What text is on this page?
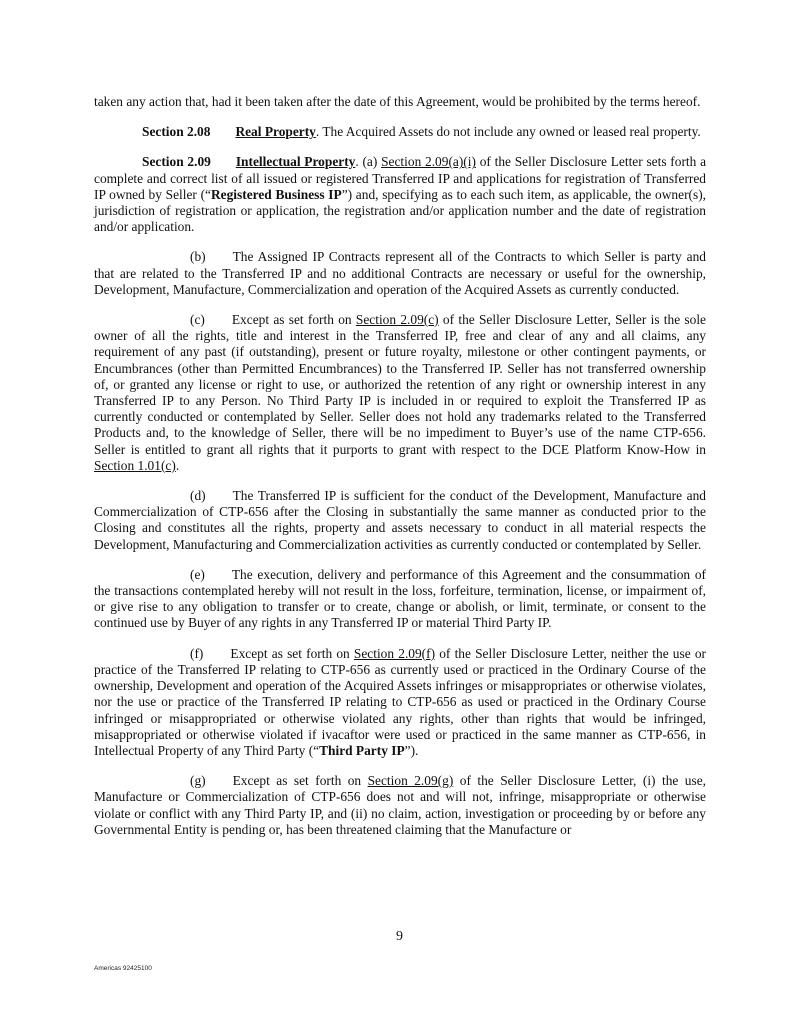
taken any action that, had it been taken after the date of this Agreement, would be prohibited by the terms hereof.

Section 2.08 Real Property. The Acquired Assets do not include any owned or leased real property.

Section 2.09 Intellectual Property. (a) Section 2.09(a)(i) of the Seller Disclosure Letter sets forth a complete and correct list of all issued or registered Transferred IP and applications for registration of Transferred IP owned by Seller (“Registered Business IP”) and, specifying as to each such item, as applicable, the owner(s), jurisdiction of registration or application, the registration and/or application number and the date of registration and/or application.

(b) The Assigned IP Contracts represent all of the Contracts to which Seller is party and that are related to the Transferred IP and no additional Contracts are necessary or useful for the ownership, Development, Manufacture, Commercialization and operation of the Acquired Assets as currently conducted.

(c) Except as set forth on Section 2.09(c) of the Seller Disclosure Letter, Seller is the sole owner of all the rights, title and interest in the Transferred IP, free and clear of any and all claims, any requirement of any past (if outstanding), present or future royalty, milestone or other contingent payments, or Encumbrances (other than Permitted Encumbrances) to the Transferred IP. Seller has not transferred ownership of, or granted any license or right to use, or authorized the retention of any right or ownership interest in any Transferred IP to any Person. No Third Party IP is included in or required to exploit the Transferred IP as currently conducted or contemplated by Seller. Seller does not hold any trademarks related to the Transferred Products and, to the knowledge of Seller, there will be no impediment to Buyer’s use of the name CTP-656. Seller is entitled to grant all rights that it purports to grant with respect to the DCE Platform Know-How in Section 1.01(c).

(d) The Transferred IP is sufficient for the conduct of the Development, Manufacture and Commercialization of CTP-656 after the Closing in substantially the same manner as conducted prior to the Closing and constitutes all the rights, property and assets necessary to conduct in all material respects the Development, Manufacturing and Commercialization activities as currently conducted or contemplated by Seller.

(e) The execution, delivery and performance of this Agreement and the consummation of the transactions contemplated hereby will not result in the loss, forfeiture, termination, license, or impairment of, or give rise to any obligation to transfer or to create, change or abolish, or limit, terminate, or consent to the continued use by Buyer of any rights in any Transferred IP or material Third Party IP.

(f) Except as set forth on Section 2.09(f) of the Seller Disclosure Letter, neither the use or practice of the Transferred IP relating to CTP-656 as currently used or practiced in the Ordinary Course of the ownership, Development and operation of the Acquired Assets infringes or misappropriates or otherwise violates, nor the use or practice of the Transferred IP relating to CTP-656 as used or practiced in the Ordinary Course infringed or misappropriated or otherwise violated any rights, other than rights that would be infringed, misappropriated or otherwise violated if ivacaftor were used or practiced in the same manner as CTP-656, in Intellectual Property of any Third Party (“Third Party IP”).

(g) Except as set forth on Section 2.09(g) of the Seller Disclosure Letter, (i) the use, Manufacture or Commercialization of CTP-656 does not and will not, infringe, misappropriate or otherwise violate or conflict with any Third Party IP, and (ii) no claim, action, investigation or proceeding by or before any Governmental Entity is pending or, has been threatened claiming that the Manufacture or

9
Americas 92425100
